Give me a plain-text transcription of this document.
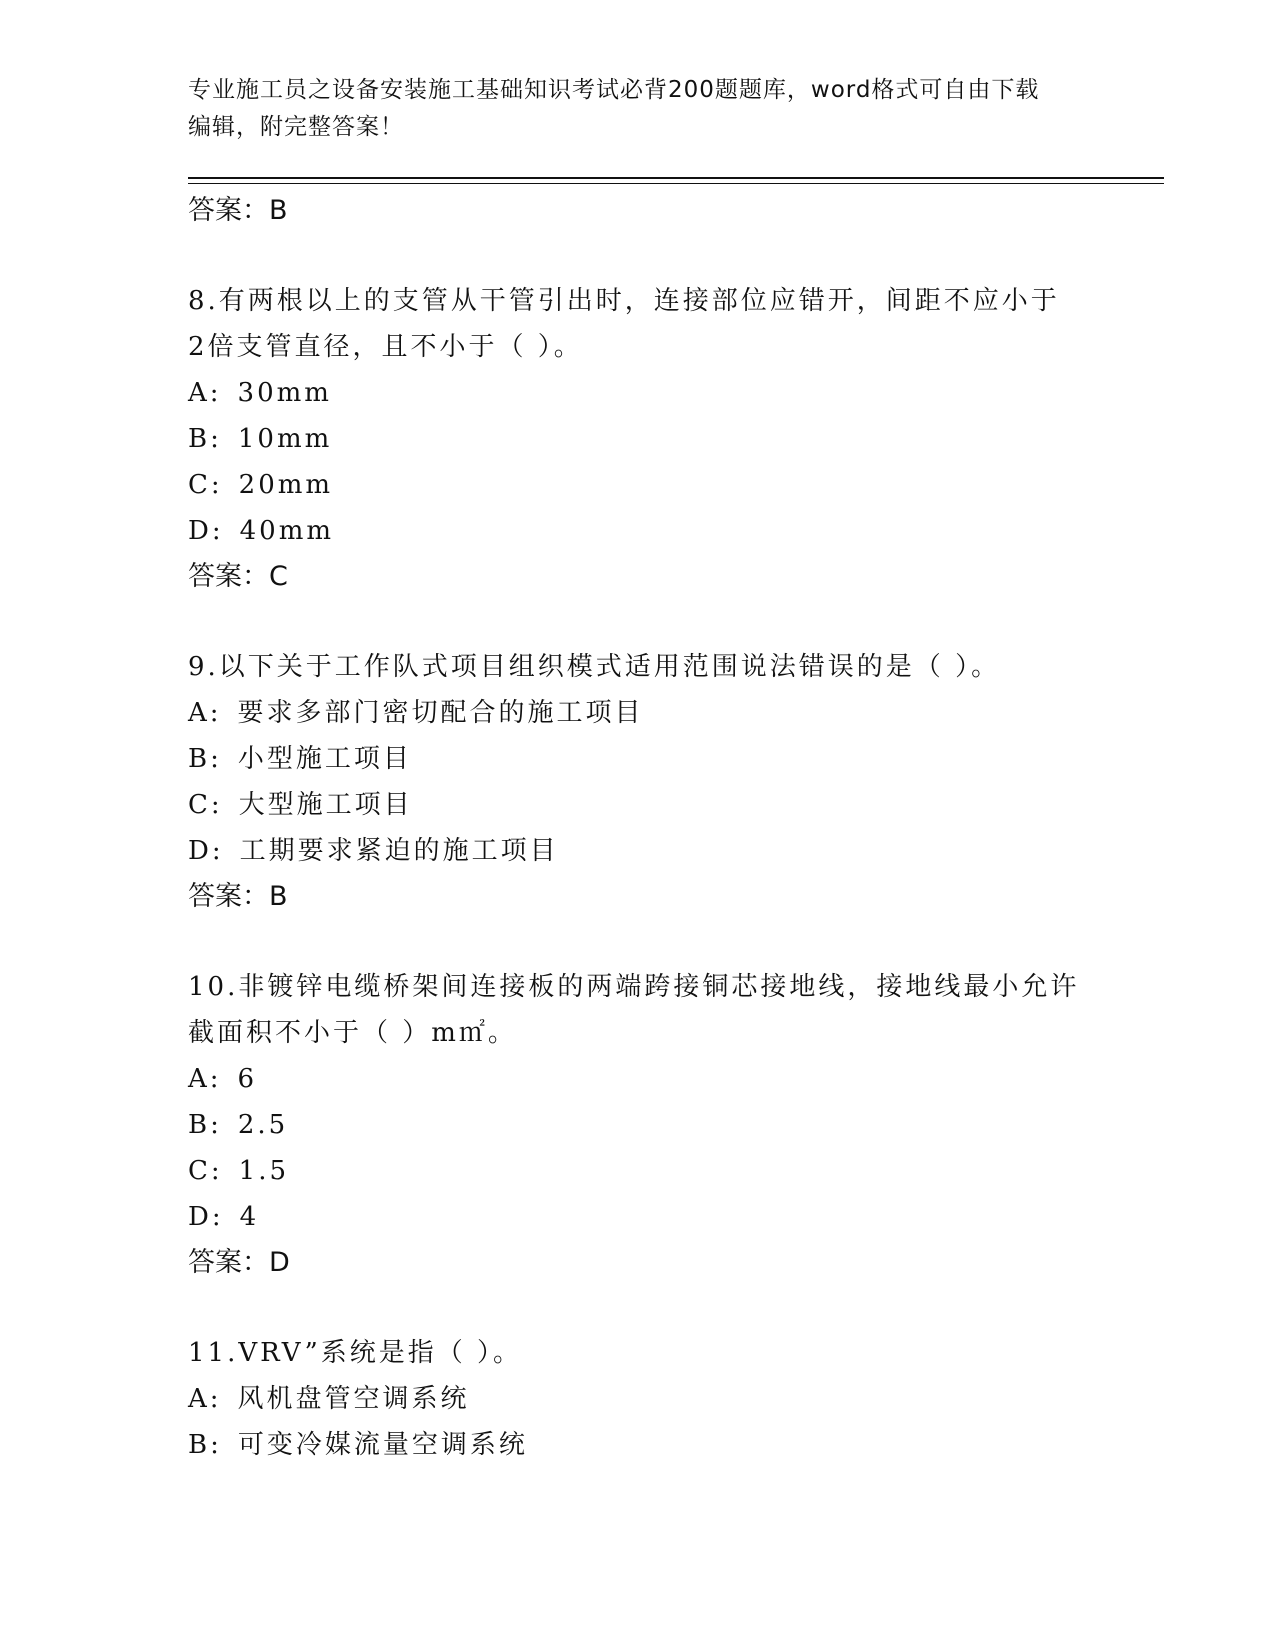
专业施工员之设备安装施工基础知识考试必背200题题库，word格式可自由下载
编辑，附完整答案！
答案：B
8.有两根以上的支管从干管引出时，连接部位应错开，间距不应小于
2倍支管直径，且不小于（ ）。
A: 30mm
B: 10mm
C: 20mm
D: 40mm
答案：C
9.以下关于工作队式项目组织模式适用范围说法错误的是（ ）。
A: 要求多部门密切配合的施工项目
B: 小型施工项目
C: 大型施工项目
D: 工期要求紧迫的施工项目
答案：B
10.非镀锌电缆桥架间连接板的两端跨接铜芯接地线，接地线最小允许
截面积不小于（ ）m㎡。
A: 6
B: 2.5
C: 1.5
D: 4
答案：D
11.VRV”系统是指（ ）。
A: 风机盘管空调系统
B: 可变冷媒流量空调系统
